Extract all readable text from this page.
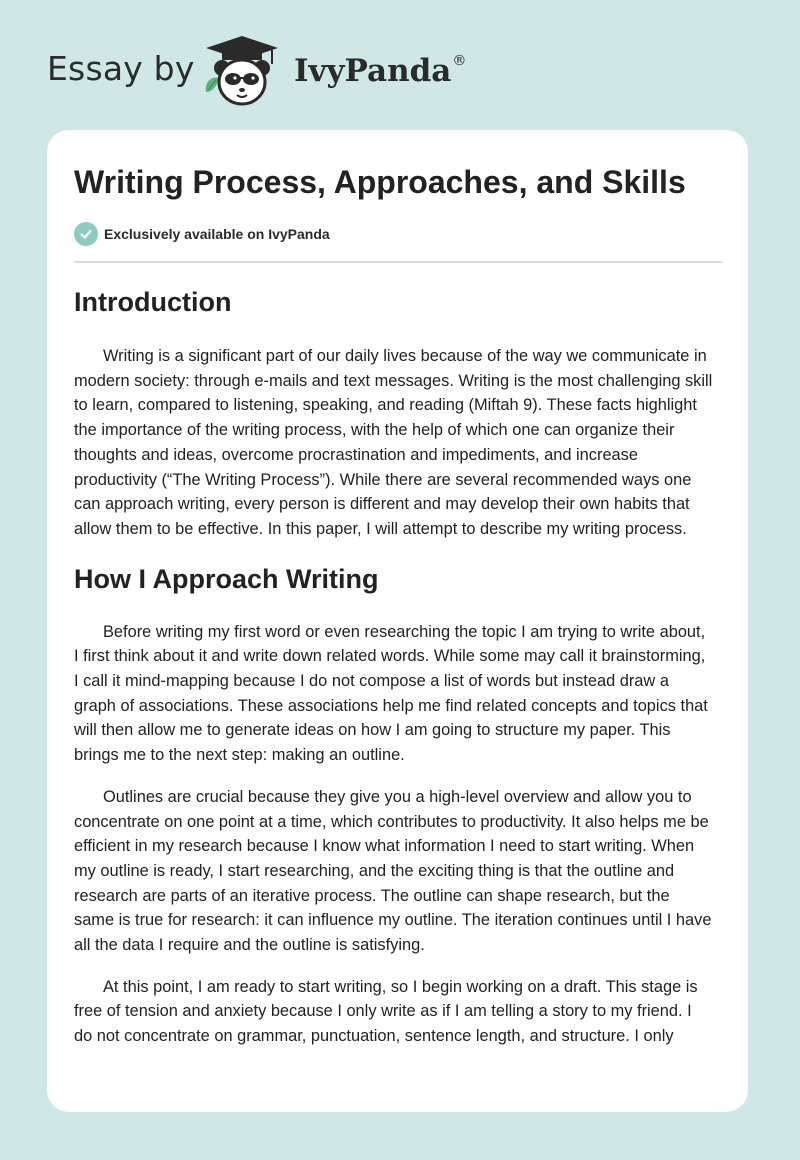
Essay by	IvyPanda®
Writing Process, Approaches, and Skills
Exclusively available on IvyPanda
Introduction

Writing is a significant part of our daily lives because of the way we communicate in
modern society: through e-mails and text messages. Writing is the most challenging skill
to learn, compared to listening, speaking, and reading (Miftah 9). These facts highlight
the importance of the writing process, with the help of which one can organize their
thoughts and ideas, overcome procrastination and impediments, and increase
productivity (“The Writing Process”). While there are several recommended ways one
can approach writing, every person is different and may develop their own habits that
allow them to be effective. In this paper, I will attempt to describe my writing process.

How I Approach Writing

Before writing my first word or even researching the topic I am trying to write about,
I first think about it and write down related words. While some may call it brainstorming,
I call it mind-mapping because I do not compose a list of words but instead draw a
graph of associations. These associations help me find related concepts and topics that
will then allow me to generate ideas on how I am going to structure my paper. This
brings me to the next step: making an outline.

Outlines are crucial because they give you a high-level overview and allow you to
concentrate on one point at a time, which contributes to productivity. It also helps me be
efficient in my research because I know what information I need to start writing. When
my outline is ready, I start researching, and the exciting thing is that the outline and
research are parts of an iterative process. The outline can shape research, but the
same is true for research: it can influence my outline. The iteration continues until I have
all the data I require and the outline is satisfying.

At this point, I am ready to start writing, so I begin working on a draft. This stage is
free of tension and anxiety because I only write as if I am telling a story to my friend. I
do not concentrate on grammar, punctuation, sentence length, and structure. I only
